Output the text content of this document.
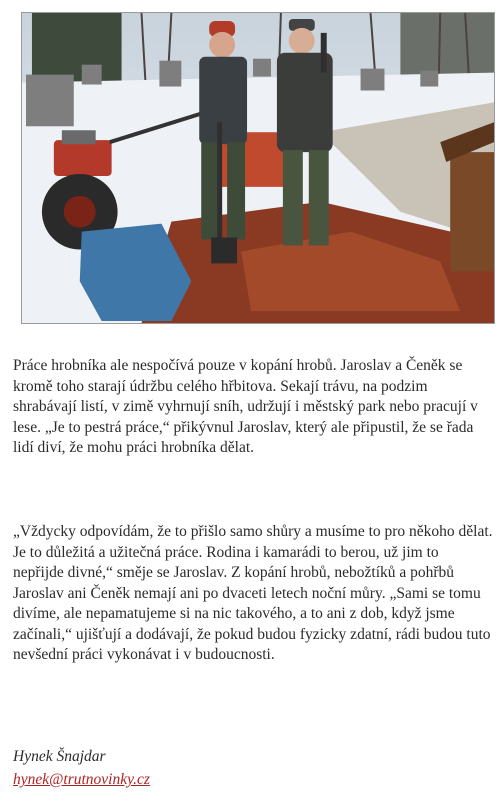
Práce hrobníka ale nespočívá pouze v kopání hrobů. Jaroslav a Čeněk se kromě toho starají údržbu celého hřbitova. Sekají trávu, na podzim shrabávají listí, v zimě vyhrnují sníh, udržují i městský park nebo pracují v lese. „Je to pestrá práce,“ přikývnul Jaroslav, který ale připustil, že se řada lidí diví, že mohu práci hrobníka dělat.

„Vždycky odpovídám, že to přišlo samo shůry a musíme to pro někoho dělat. Je to důležitá a užitečná práce. Rodina i kamarádi to berou, už jim to nepřijde divné,“ směje se Jaroslav. Z kopání hrobů, nebožtíků a pohřbů Jaroslav ani Čeněk nemají ani po dvaceti letech noční můry. „Sami se tomu divíme, ale nepamatujeme si na nic takového, a to ani z dob, když jsme začínali,“ ujišťují a dodávají, že pokud budou fyzicky zdatní, rádi budou tuto nevšední práci vykonávat i v budoucnosti.

Hynek Šnajdar
hynek@trutnovinky.cz
